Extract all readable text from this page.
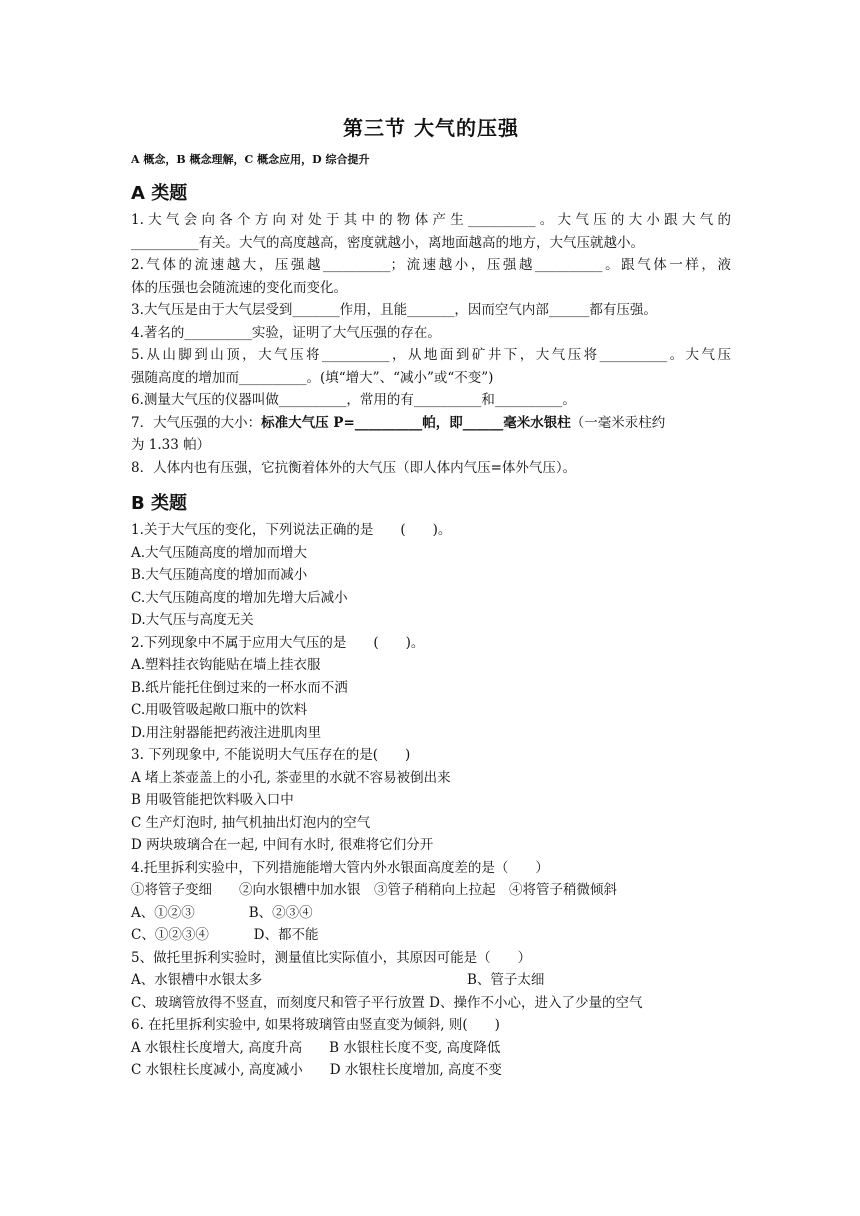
第三节 大气的压强
A 概念，B 概念理解，C 概念应用，D 综合提升
A 类题
1.大气会向各个方向对处于其中的物体产生__________。大气压的大小跟大气的
__________有关。大气的高度越高，密度就越小，离地面越高的地方，大气压就越小。
2.气体的流速越大，压强越__________；流速越小，压强越__________。跟气体一样，液
体的压强也会随流速的变化而变化。
3.大气压是由于大气层受到_______作用，且能_______，因而空气内部______都有压强。
4.著名的__________实验，证明了大气压强的存在。
5.从山脚到山顶，大气压将__________，从地面到矿井下，大气压将__________。大气压
强随高度的增加而__________。(填“增大”、“减小”或“不变”)
6.测量大气压的仪器叫做__________，常用的有__________和__________。
7．大气压强的大小：标准大气压 P=__________帕，即______毫米水银柱（一毫米汞柱约
为 1.33 帕）
8．人体内也有压强，它抗衡着体外的大气压（即人体内气压=体外气压）。
B 类题
1.关于大气压的变化，下列说法正确的是　　(　　)。
A.大气压随高度的增加而增大
B.大气压随高度的增加而减小
C.大气压随高度的增加先增大后减小
D.大气压与高度无关
2.下列现象中不属于应用大气压的是　　(　　)。
A.塑料挂衣钩能贴在墙上挂衣服
B.纸片能托住倒过来的一杯水而不洒
C.用吸管吸起敞口瓶中的饮料
D.用注射器能把药液注进肌肉里
3. 下列现象中, 不能说明大气压存在的是(　　)
A 堵上茶壶盖上的小孔, 茶壶里的水就不容易被倒出来
B 用吸管能把饮料吸入口中
C 生产灯泡时, 抽气机抽出灯泡内的空气
D 两块玻璃合在一起, 中间有水时, 很难将它们分开
4.托里拆利实验中，下列措施能增大管内外水银面高度差的是（　　）
①将管子变细　　②向水银槽中加水银　③管子稍稍向上拉起　④将管子稍微倾斜
A、①②③　　　　B、②③④
C、①②③④　　　 D、都不能
5、做托里拆利实验时，测量值比实际值小，其原因可能是（　　）
A、水银槽中水银太多	B、管子太细
C、玻璃管放得不竖直，而刻度尺和管子平行放置 D、操作不小心，进入了少量的空气
6. 在托里拆利实验中, 如果将玻璃管由竖直变为倾斜, 则(　　)
A 水银柱长度增大, 高度升高　　B 水银柱长度不变, 高度降低
C 水银柱长度减小, 高度减小　　D 水银柱长度增加, 高度不变
